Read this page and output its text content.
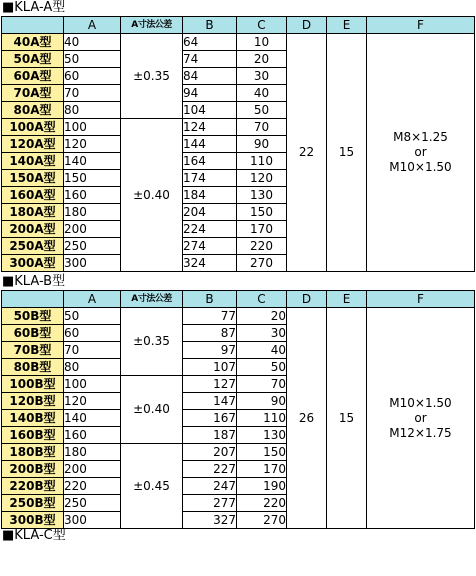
■KLA-A型
	A	A寸法公差	B	C	D	E	F
40A型	40	±0.35	64	10	22	15	M8×1.25
or
M10×1.50

50A型	50		74	20			
60A型	60		84	30			
70A型	70		94	40			
80A型	80		104	50			
100A型	100	±0.40	124	70			
120A型	120		144	90			
140A型	140		164	110			
150A型	150		174	120			
160A型	160		184	130			
180A型	180		204	150			
200A型	200		224	170			
250A型	250		274	220			
300A型	300		324	270			
■KLA-B型
	A	A寸法公差	B	C	D	E	F
50B型	50	±0.35	77	20	26	15	M10×1.50
or
M12×1.75

60B型	60		87	30			
70B型	70		97	40			
80B型	80		107	50			
100B型	100	±0.40	127	70			
120B型	120		147	90			
140B型	140		167	110			
160B型	160		187	130			
180B型	180	±0.45	207	150			
200B型	200		227	170			
220B型	220		247	190			
250B型	250		277	220			
300B型	300		327	270			
■KLA-C型
